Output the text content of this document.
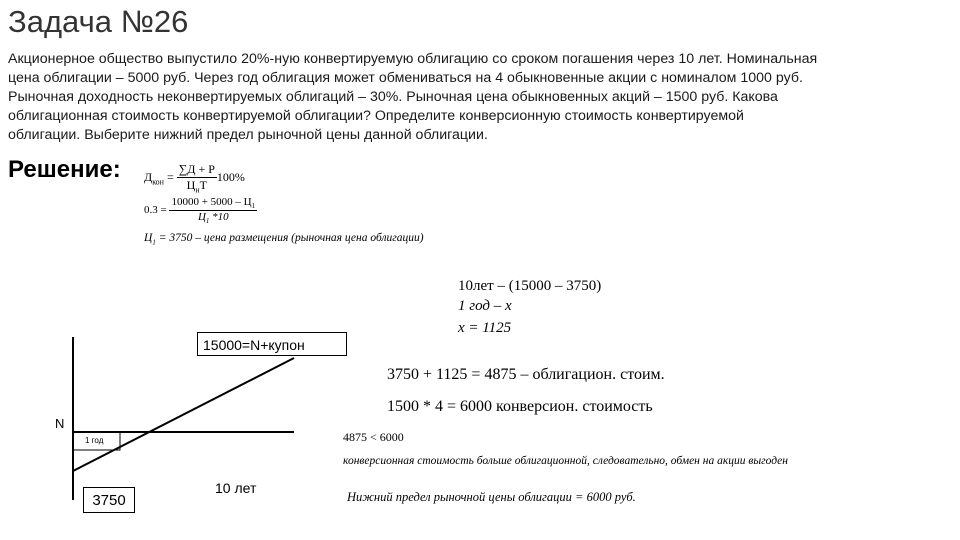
Задача №26
Акционерное общество выпустило 20%-ную конвертируемую облигацию со сроком погашения через 10 лет. Номинальная
цена облигации – 5000 руб. Через год облигация может обмениваться на 4 обыкновенные акции с номиналом 1000 руб.
Рыночная доходность неконвертируемых облигаций – 30%. Рыночная цена обыкновенных акций – 1500 руб. Какова
облигационная стоимость конвертируемой облигации? Определите конверсионную стоимость конвертируемой
облигации. Выберите нижний предел рыночной цены данной облигации.
Решение: $Д_{кон} = \frac{\sum Д + Р}{Ц_нТ} 100\%$
$0.3 = \frac{10000 + 5000 - Ц_1}{Ц_1 *10}$
$Ц_1 = 3750$ – цена размещения (рыночная цена облигации)
10лет – (15000 – 3750)
1 год – x
x = 1125
3750 + 1125 = 4875 – облигацион. стоим.
1500 * 4 = 6000 конверсион. стоимость
4875 < 6000
конверсионная стоимость больше облигационной, следовательно, обмен на акции выгоден
Нижний предел рыночной цены облигации = 6000 руб.
15000=N+купон
N
1 год
3750
10 лет
